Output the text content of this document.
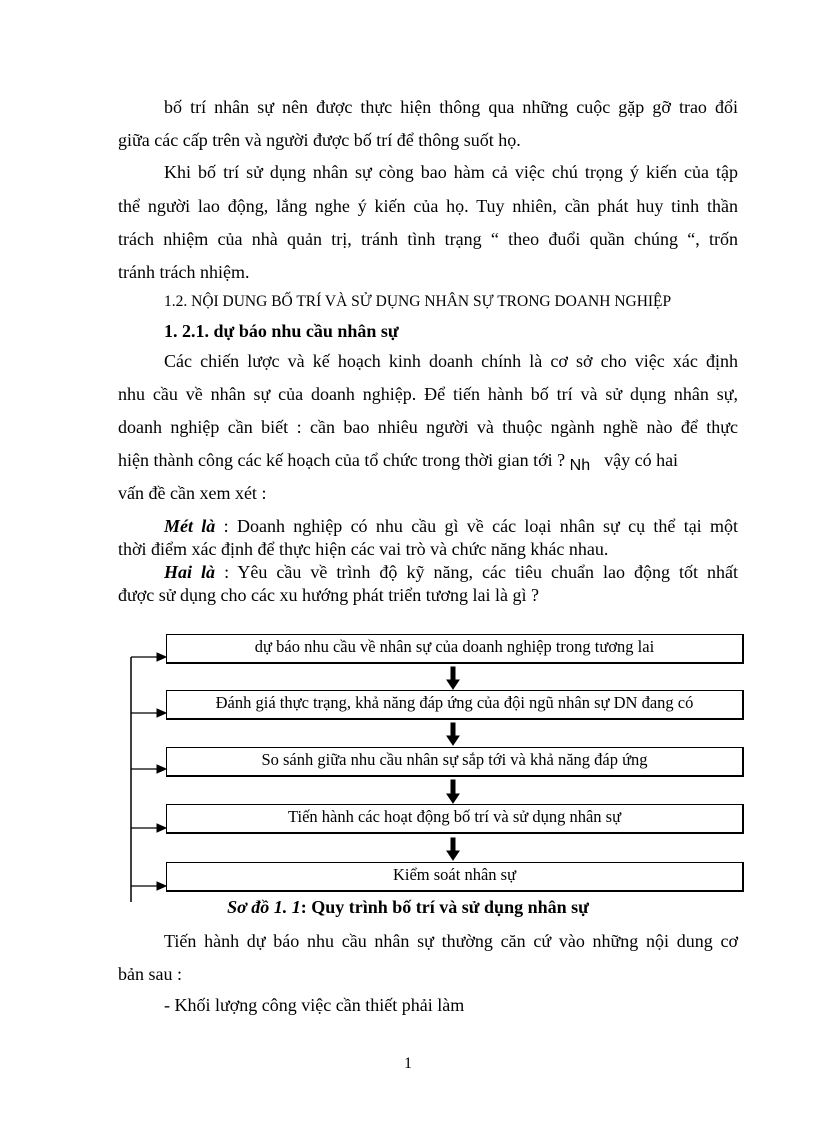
bố trí nhân sự nên được thực hiện thông qua những cuộc gặp gỡ trao đổi
giữa các cấp trên và người được bố trí để thông suốt họ.
Khi bố trí sử dụng nhân sự còng bao hàm cả việc chú trọng ý kiến của tập
thể người lao động, lắng nghe ý kiến của họ. Tuy nhiên, cần phát huy tinh thần
trách nhiệm của nhà quản trị, tránh tình trạng “ theo đuổi quần chúng “, trốn
tránh trách nhiệm.
1.2. NỘI DUNG BỐ TRÍ VÀ SỬ DỤNG NHÂN SỰ TRONG DOANH NGHIỆP
1. 2.1. dự báo nhu cầu nhân sự
Các chiến lược và kế hoạch kinh doanh chính là cơ sở cho việc xác định
nhu cầu về nhân sự của doanh nghiệp. Để tiến hành bố trí và sử dụng nhân sự,
doanh nghiệp cần biết : cần bao nhiêu người và thuộc ngành nghề nào để thực
hiện thành công các kế hoạch của tổ chức trong thời gian tới ? Nh vậy có hai
vấn đề cần xem xét :
Mét là : Doanh nghiệp có nhu cầu gì về các loại nhân sự cụ thể tại một
thời điểm xác định để thực hiện các vai trò và chức năng khác nhau.
Hai là : Yêu cầu về trình độ kỹ năng, các tiêu chuẩn lao động tốt nhất
được sử dụng cho các xu hướng phát triển tương lai là gì ?
dự báo nhu cầu về nhân sự của doanh nghiệp trong tương lai
Đánh giá thực trạng, khả năng đáp ứng của đội ngũ nhân sự DN đang có
So sánh giữa nhu cầu nhân sự sắp tới và khả năng đáp ứng
Tiến hành các hoạt động bố trí và sử dụng nhân sự
Kiểm soát nhân sự
Sơ đồ 1. 1: Quy trình bố trí và sử dụng nhân sự
Tiến hành dự báo nhu cầu nhân sự thường căn cứ vào những nội dung cơ
bản sau :
- Khối lượng công việc cần thiết phải làm
1
